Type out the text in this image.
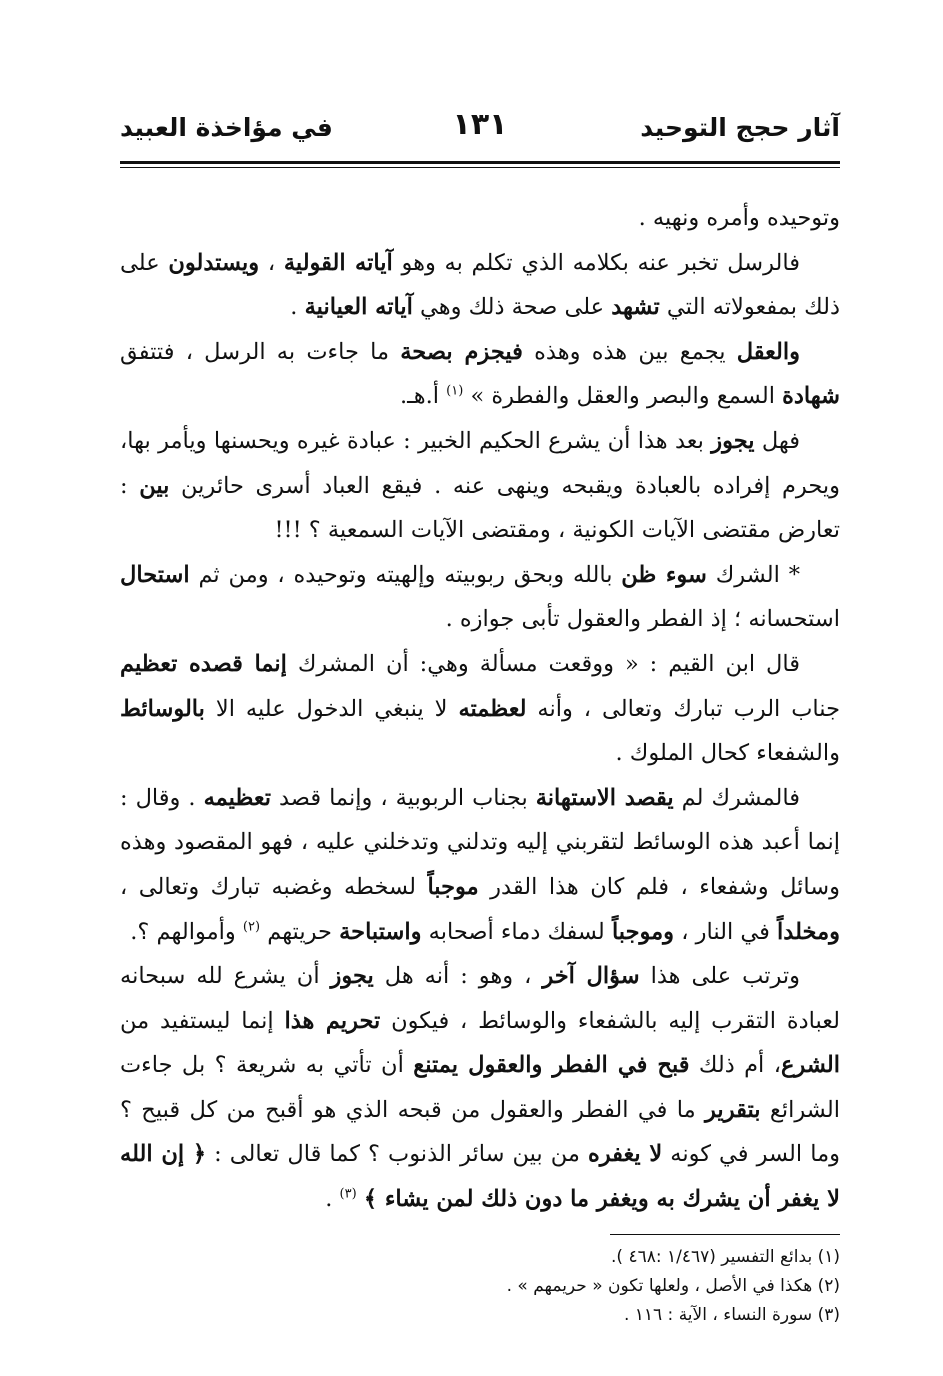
آثار حجج التوحيد
١٣١
في مؤاخذة العبيد

وتوحيده وأمره ونهيه .

فالرسل تخبر عنه بكلامه الذي تكلم به وهو آياته القولية ، ويستدلون على ذلك بمفعولاته التي تشهد على صحة ذلك وهي آياته العيانية .

والعقل يجمع بين هذه وهذه فيجزم بصحة ما جاءت به الرسل ، فتتفق شهادة السمع والبصر والعقل والفطرة » $^{(١)}$ أ.هـ.

فهل يجوز بعد هذا أن يشرع الحكيم الخبير : عبادة غيره ويحسنها ويأمر بها، ويحرم إفراده بالعبادة ويقبحه وينهى عنه . فيقع العباد أسرى حائرين بين : تعارض مقتضى الآيات الكونية ، ومقتضى الآيات السمعية ؟ !!!

* الشرك سوء ظن بالله وبحق ربوبيته وإلهيته وتوحيده ، ومن ثم استحال استحسانه ؛ إذ الفطر والعقول تأبى جوازه .

قال ابن القيم : « ووقعت مسألة وهي: أن المشرك إنما قصده تعظيم جناب الرب تبارك وتعالى ، وأنه لعظمته لا ينبغي الدخول عليه الا بالوسائط والشفعاء كحال الملوك .

فالمشرك لم يقصد الاستهانة بجناب الربوبية ، وإنما قصد تعظيمه . وقال : إنما أعبد هذه الوسائط لتقربني إليه وتدلني وتدخلني عليه ، فهو المقصود وهذه وسائل وشفعاء ، فلم كان هذا القدر موجباً لسخطه وغضبه تبارك وتعالى ، ومخلداً في النار ، وموجباً لسفك دماء أصحابه واستباحة حريتهم $^{(٢)}$ وأموالهم ؟.

وترتب على هذا سؤال آخر ، وهو : أنه هل يجوز أن يشرع لله سبحانه لعبادة التقرب إليه بالشفعاء والوسائط ، فيكون تحريم هذا إنما ليستفيد من الشرع، أم ذلك قبح في الفطر والعقول يمتنع أن تأتي به شريعة ؟ بل جاءت الشرائع بتقرير ما في الفطر والعقول من قبحه الذي هو أقبح من كل قبيح ؟ وما السر في كونه لا يغفره من بين سائر الذنوب ؟ كما قال تعالى : ﴿ إن الله لا يغفر أن يشرك به ويغفر ما دون ذلك لمن يشاء ﴾ $^{(٣)}$ .

(١) بدائع التفسير (١/٤٦٧ :٤٦٨ ).
(٢) هكذا في الأصل ، ولعلها تكون « حريمهم » .
(٣) سورة النساء ، الآية : ١١٦ .
